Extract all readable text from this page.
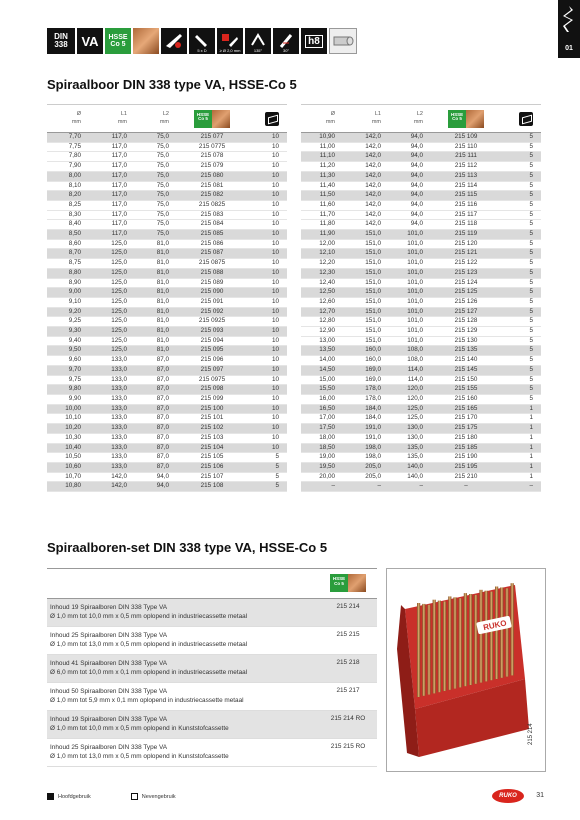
01
DIN
338 VA HSSE
Co 5
5 x D	≥ Ø 2,0 mm	135°	30°
h8
Spiraalboor DIN 338 type VA, HSSE-Co 5
Ø
mm	L1
mm	L2
mm	HSSE
Co 5	

7,70	117,0	75,0	215 077	10
7,75	117,0	75,0	215 0775	10
7,80	117,0	75,0	215 078	10
7,90	117,0	75,0	215 079	10
8,00	117,0	75,0	215 080	10
8,10	117,0	75,0	215 081	10
8,20	117,0	75,0	215 082	10
8,25	117,0	75,0	215 0825	10
8,30	117,0	75,0	215 083	10
8,40	117,0	75,0	215 084	10
8,50	117,0	75,0	215 085	10
8,60	125,0	81,0	215 086	10
8,70	125,0	81,0	215 087	10
8,75	125,0	81,0	215 0875	10
8,80	125,0	81,0	215 088	10
8,90	125,0	81,0	215 089	10
9,00	125,0	81,0	215 090	10
9,10	125,0	81,0	215 091	10
9,20	125,0	81,0	215 092	10
9,25	125,0	81,0	215 0925	10
9,30	125,0	81,0	215 093	10
9,40	125,0	81,0	215 094	10
9,50	125,0	81,0	215 095	10
9,60	133,0	87,0	215 096	10
9,70	133,0	87,0	215 097	10
9,75	133,0	87,0	215 0975	10
9,80	133,0	87,0	215 098	10
9,90	133,0	87,0	215 099	10
10,00	133,0	87,0	215 100	10
10,10	133,0	87,0	215 101	10
10,20	133,0	87,0	215 102	10
10,30	133,0	87,0	215 103	10
10,40	133,0	87,0	215 104	10
10,50	133,0	87,0	215 105	5
10,60	133,0	87,0	215 106	5
10,70	142,0	94,0	215 107	5
10,80	142,0	94,0	215 108	5
Ø
mm	L1
mm	L2
mm	HSSE
Co 5	

10,90	142,0	94,0	215 109	5
11,00	142,0	94,0	215 110	5
11,10	142,0	94,0	215 111	5
11,20	142,0	94,0	215 112	5
11,30	142,0	94,0	215 113	5
11,40	142,0	94,0	215 114	5
11,50	142,0	94,0	215 115	5
11,60	142,0	94,0	215 116	5
11,70	142,0	94,0	215 117	5
11,80	142,0	94,0	215 118	5
11,90	151,0	101,0	215 119	5
12,00	151,0	101,0	215 120	5
12,10	151,0	101,0	215 121	5
12,20	151,0	101,0	215 122	5
12,30	151,0	101,0	215 123	5
12,40	151,0	101,0	215 124	5
12,50	151,0	101,0	215 125	5
12,60	151,0	101,0	215 126	5
12,70	151,0	101,0	215 127	5
12,80	151,0	101,0	215 128	5
12,90	151,0	101,0	215 129	5
13,00	151,0	101,0	215 130	5
13,50	160,0	108,0	215 135	5
14,00	160,0	108,0	215 140	5
14,50	169,0	114,0	215 145	5
15,00	169,0	114,0	215 150	5
15,50	178,0	120,0	215 155	5
16,00	178,0	120,0	215 160	5
16,50	184,0	125,0	215 165	1
17,00	184,0	125,0	215 170	1
17,50	191,0	130,0	215 175	1
18,00	191,0	130,0	215 180	1
18,50	198,0	135,0	215 185	1
19,00	198,0	135,0	215 190	1
19,50	205,0	140,0	215 195	1
20,00	205,0	140,0	215 210	1
–	–	–	–	–
Spiraalboren-set DIN 338 type VA, HSSE-Co 5

	HSSE
Co 5

Inhoud 19 Spiraalboren DIN 338 Type VA
Ø 1,0 mm tot 10,0 mm x 0,5 mm oplopend in industriecassette metaal	215 214

Inhoud 25 Spiraalboren DIN 338 Type VA
Ø 1,0 mm tot 13,0 mm x 0,5 mm oplopend in industriecassette metaal	215 215

Inhoud 41 Spiraalboren DIN 338 Type VA
Ø 6,0 mm tot 10,0 mm x 0,1 mm oplopend in industriecassette metaal	215 218

Inhoud 50 Spiraalboren DIN 338 Type VA
Ø 1,0 mm tot 5,9 mm x 0,1 mm oplopend in industriecassette metaal	215 217

Inhoud 19 Spiraalboren DIN 338 Type VA
Ø 1,0 mm tot 10,0 mm x 0,5 mm oplopend in Kunststofcassette	215 214 RO

Inhoud 25 Spiraalboren DIN 338 Type VA
Ø 1,0 mm tot 13,0 mm x 0,5 mm oplopend in Kunststofcassette	215 215 RO
RUKO
215 214
Hoofdgebruik	Nevengebruik	RUKO	31
